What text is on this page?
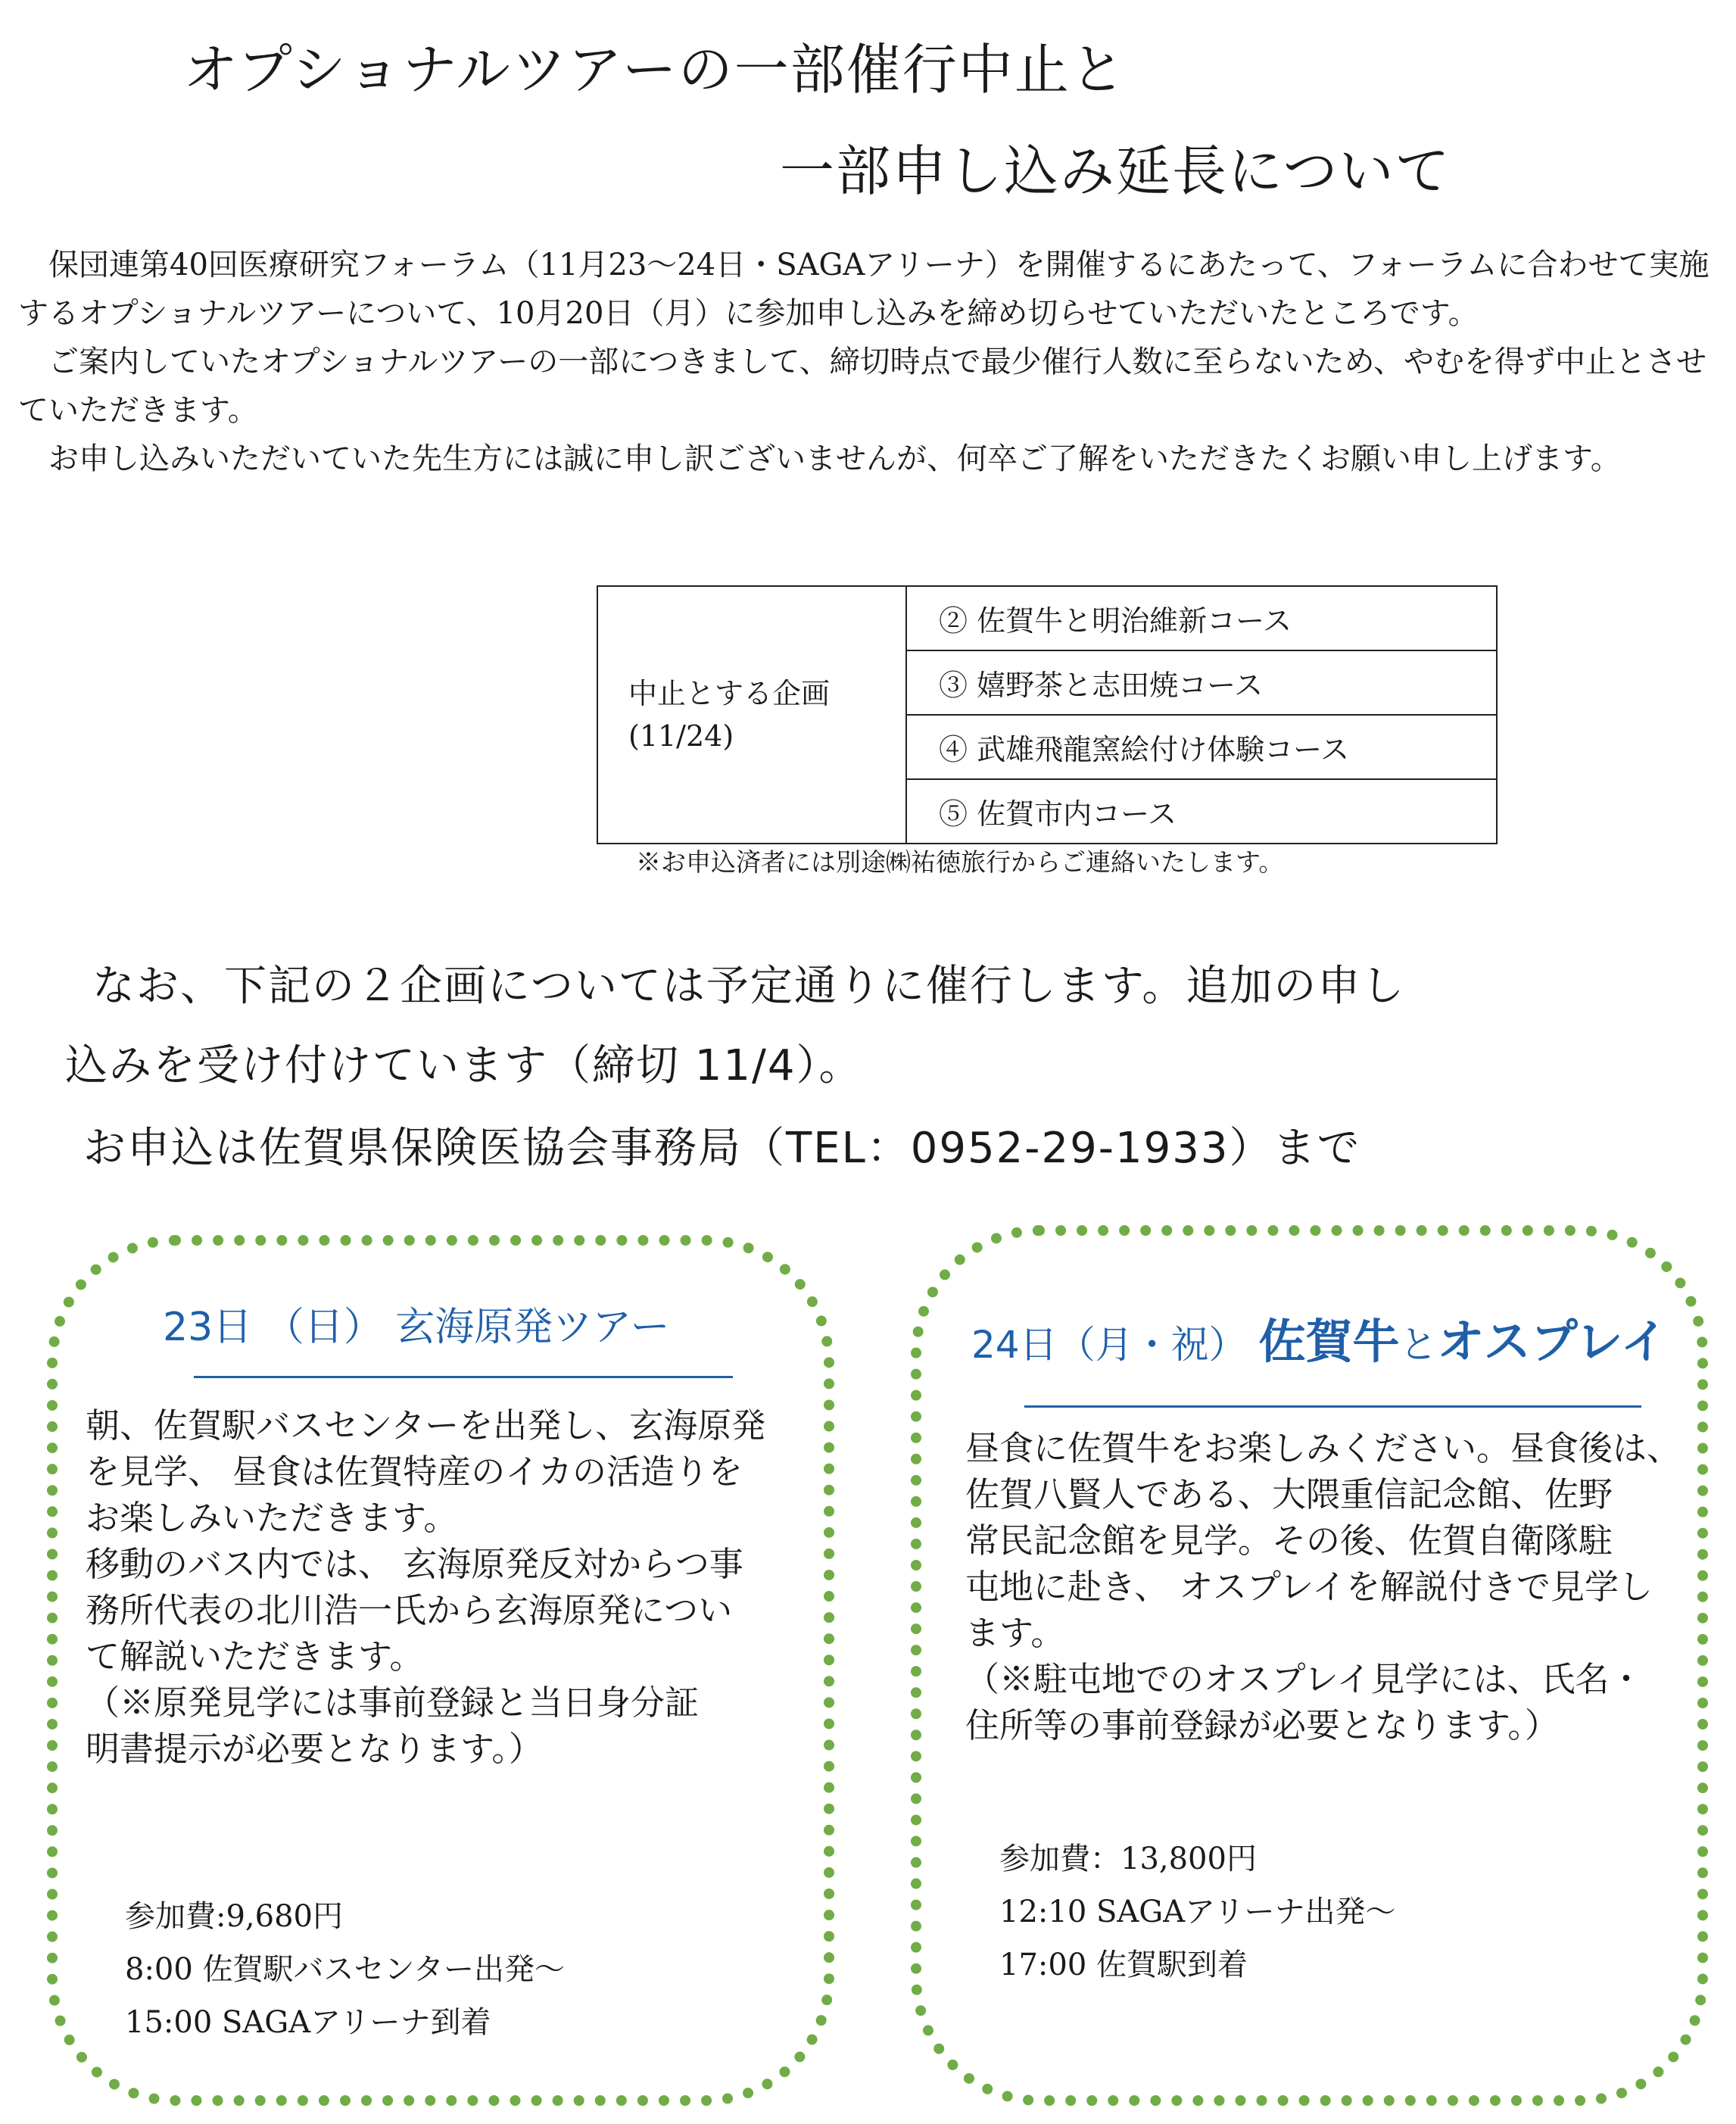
オプショナルツアーの一部催行中止と
一部申し込み延長について

保団連第40回医療研究フォーラム（11月23～24日・SAGAアリーナ）を開催するにあたって、フォーラムに合わせて実施するオプショナルツアーについて、10月20日（月）に参加申し込みを締め切らせていただいたところです。

ご案内していたオプショナルツアーの一部につきまして、締切時点で最少催行人数に至らないため、やむを得ず中止とさせていただきます。

お申し込みいただいていた先生方には誠に申し訳ございませんが、何卒ご了解をいただきたくお願い申し上げます。

中止とする企画
(11/24)
	② 佐賀牛と明治維新コース
③ 嬉野茶と志田焼コース
④ 武雄飛龍窯絵付け体験コース
⑤ 佐賀市内コース
※お申込済者には別途㈱祐徳旅行からご連絡いたします。
なお、下記の２企画については予定通りに催行します。追加の申し
込みを受け付けています（締切 11/4）。
お申込は佐賀県保険医協会事務局（TEL：0952-29-1933）まで
23日 （日） 玄海原発ツアー

朝、佐賀駅バスセンターを出発し、玄海原発

を見学、 昼食は佐賀特産のイカの活造りを

お楽しみいただきます。

移動のバス内では、 玄海原発反対からつ事

務所代表の北川浩一氏から玄海原発につい

て解説いただきます。

（※原発見学には事前登録と当日身分証

明書提示が必要となります。）

参加費:9,680円
8:00 佐賀駅バスセンター出発～
15:00 SAGAアリーナ到着
24日（月・祝） 佐賀牛とオスプレイ

昼食に佐賀牛をお楽しみください。昼食後は、

佐賀八賢人である、大隈重信記念館、佐野

常民記念館を見学。その後、佐賀自衛隊駐

屯地に赴き、 オスプレイを解説付きで見学し

ます。

（※駐屯地でのオスプレイ見学には、氏名・

住所等の事前登録が必要となります。）

参加費：13,800円
12:10 SAGAアリーナ出発～
17:00 佐賀駅到着
